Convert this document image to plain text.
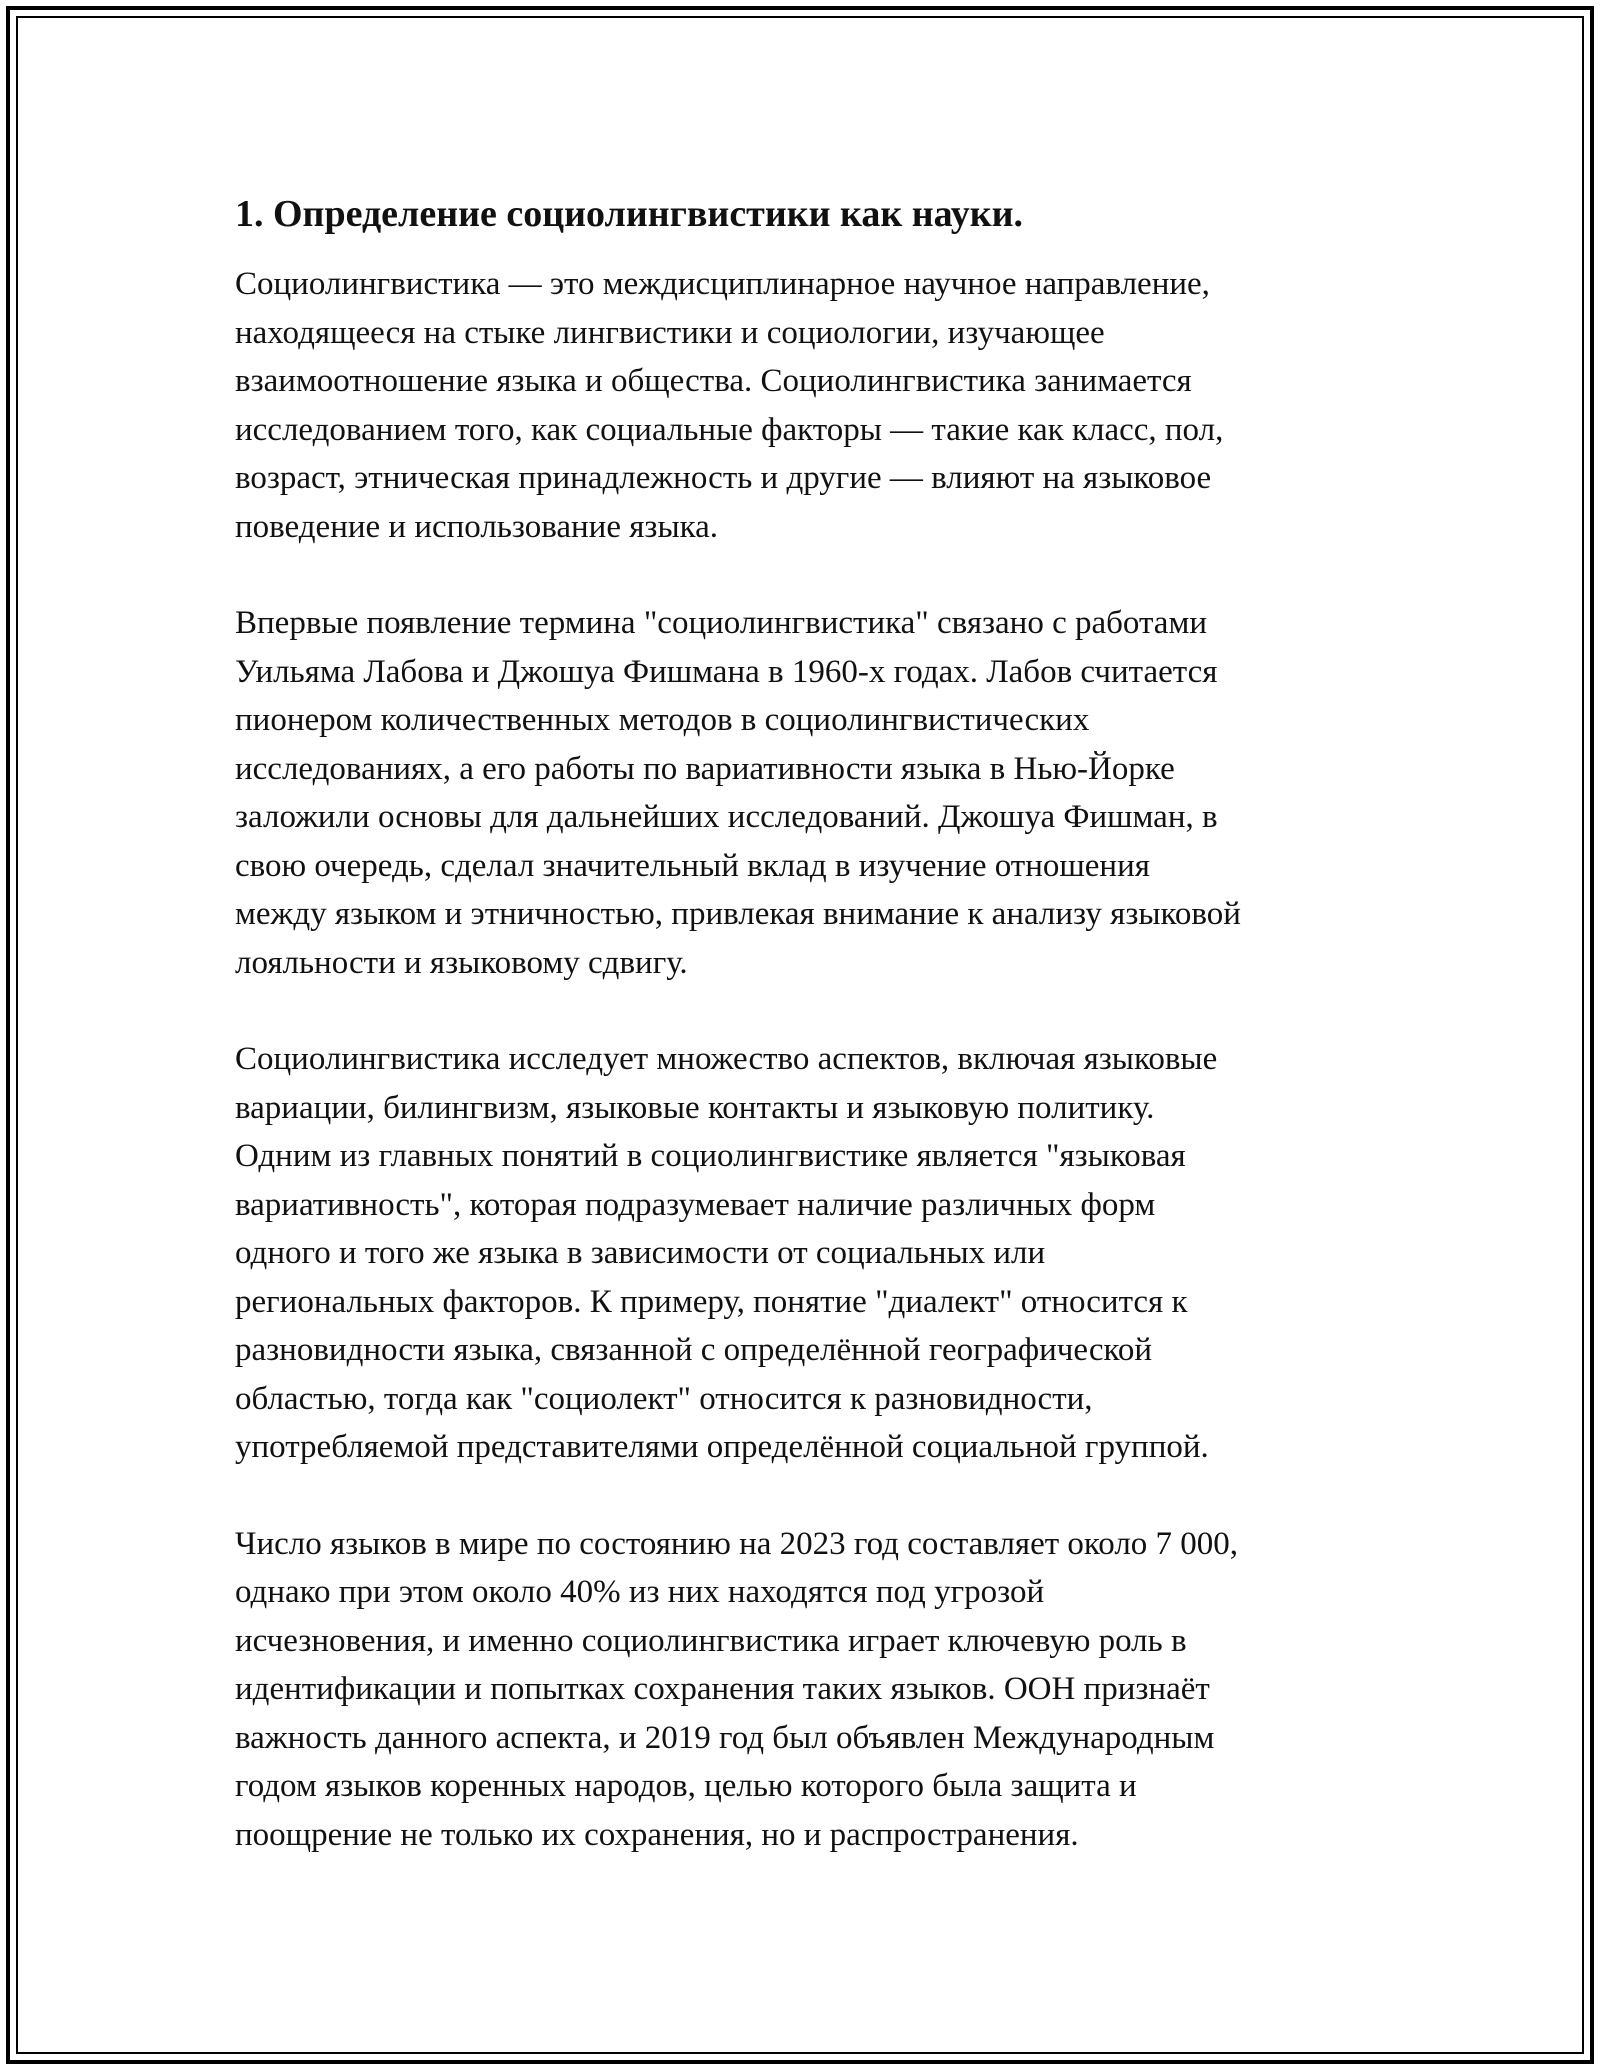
1. Определение социолингвистики как науки.
Социолингвистика — это междисциплинарное научное направление,
находящееся на стыке лингвистики и социологии, изучающее
взаимоотношение языка и общества. Социолингвистика занимается
исследованием того, как социальные факторы — такие как класс, пол,
возраст, этническая принадлежность и другие — влияют на языковое
поведение и использование языка.
Впервые появление термина "социолингвистика" связано с работами
Уильяма Лабова и Джошуа Фишмана в 1960-х годах. Лабов считается
пионером количественных методов в социолингвистических
исследованиях, а его работы по вариативности языка в Нью-Йорке
заложили основы для дальнейших исследований. Джошуа Фишман, в
свою очередь, сделал значительный вклад в изучение отношения
между языком и этничностью, привлекая внимание к анализу языковой
лояльности и языковому сдвигу.
Социолингвистика исследует множество аспектов, включая языковые
вариации, билингвизм, языковые контакты и языковую политику.
Одним из главных понятий в социолингвистике является "языковая
вариативность", которая подразумевает наличие различных форм
одного и того же языка в зависимости от социальных или
региональных факторов. К примеру, понятие "диалект" относится к
разновидности языка, связанной с определённой географической
областью, тогда как "социолект" относится к разновидности,
употребляемой представителями определённой социальной группой.
Число языков в мире по состоянию на 2023 год составляет около 7 000,
однако при этом около 40% из них находятся под угрозой
исчезновения, и именно социолингвистика играет ключевую роль в
идентификации и попытках сохранения таких языков. ООН признаёт
важность данного аспекта, и 2019 год был объявлен Международным
годом языков коренных народов, целью которого была защита и
поощрение не только их сохранения, но и распространения.
